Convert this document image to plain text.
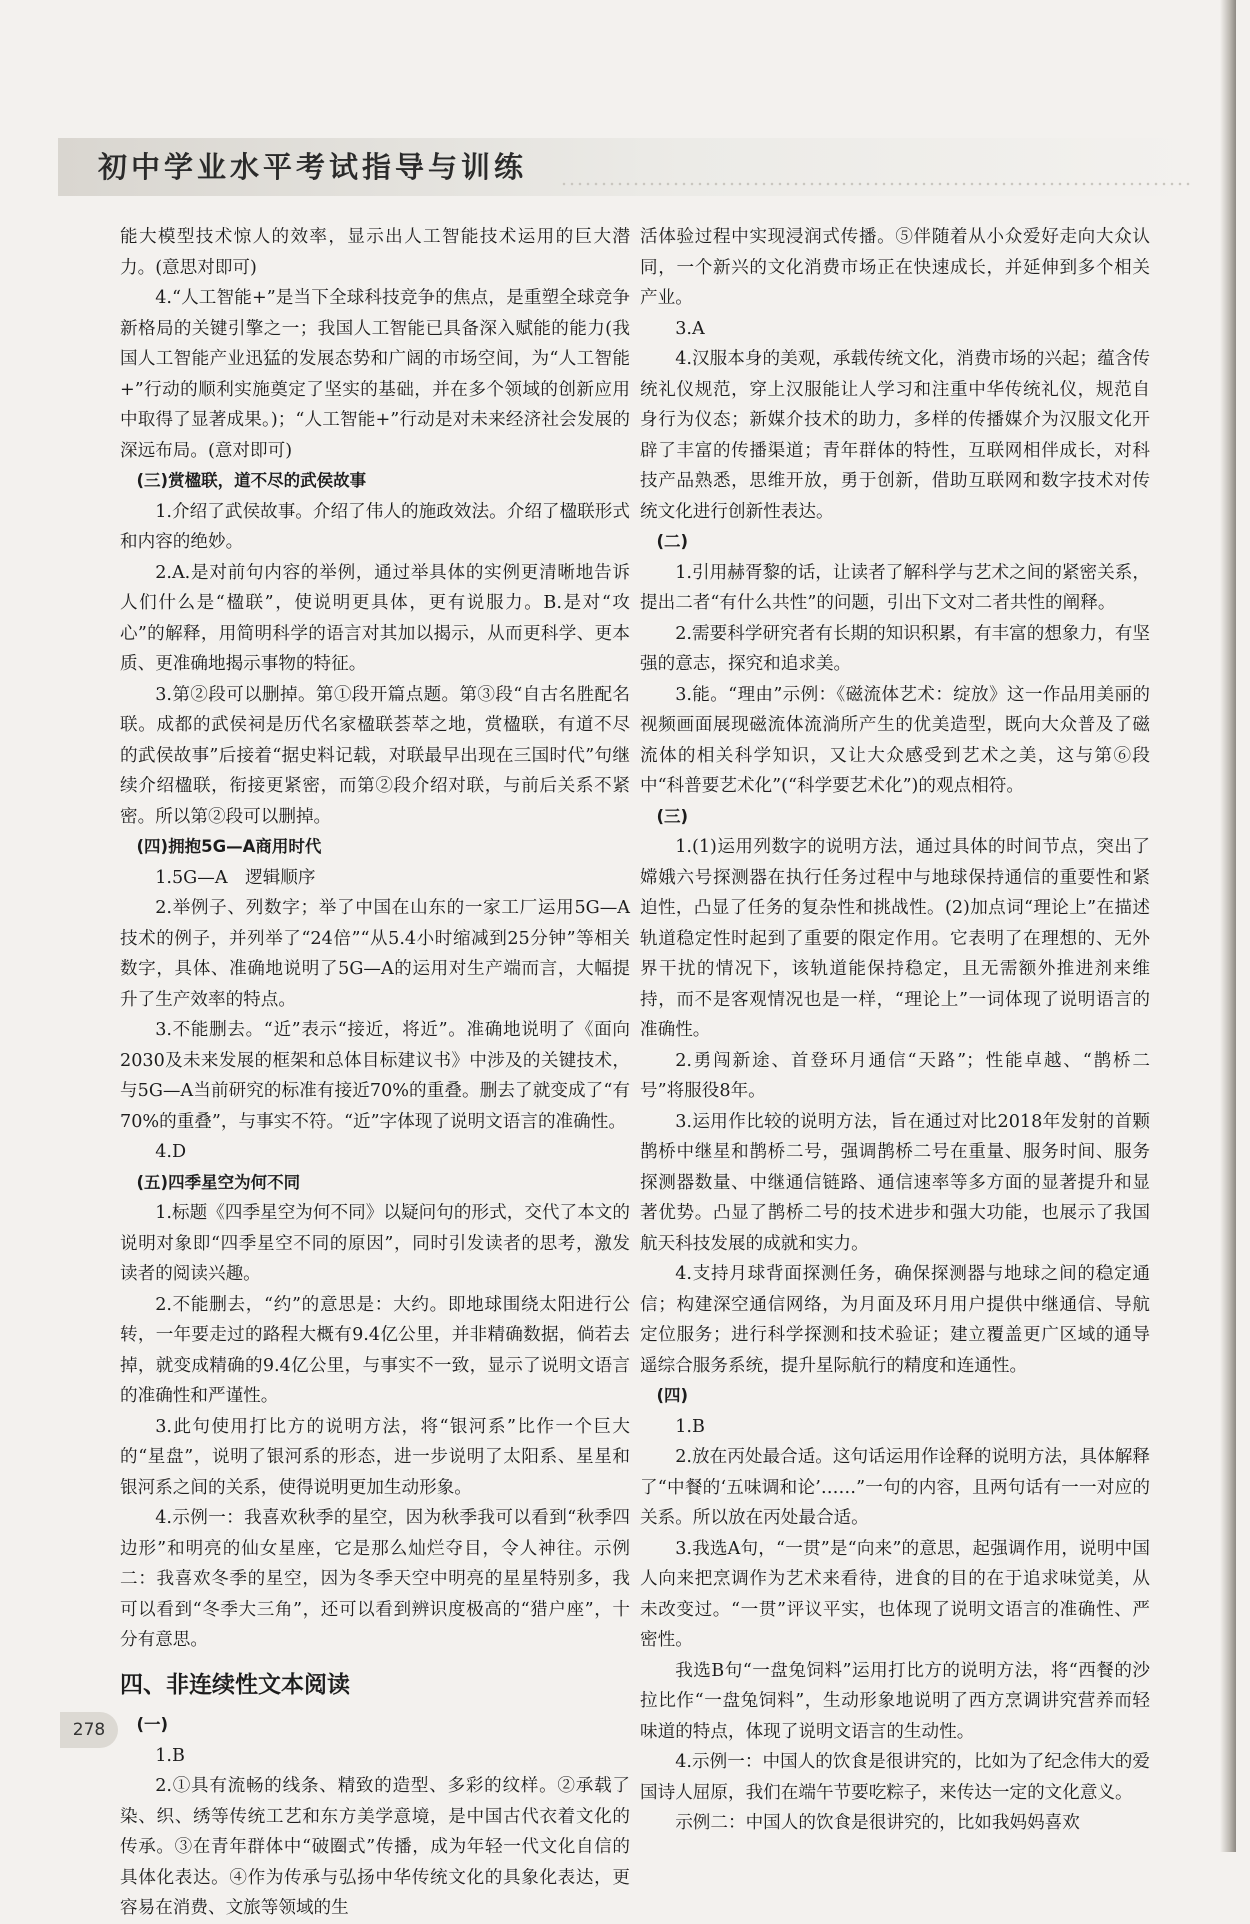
初中学业水平考试指导与训练

能大模型技术惊人的效率，显示出人工智能技术运用的巨大潜力。(意思对即可)

4.“人工智能+”是当下全球科技竞争的焦点，是重塑全球竞争新格局的关键引擎之一；我国人工智能已具备深入赋能的能力(我国人工智能产业迅猛的发展态势和广阔的市场空间，为“人工智能+”行动的顺利实施奠定了坚实的基础，并在多个领域的创新应用中取得了显著成果。)；“人工智能+”行动是对未来经济社会发展的深远布局。(意对即可)

(三)赏楹联，道不尽的武侯故事

1.介绍了武侯故事。介绍了伟人的施政效法。介绍了楹联形式和内容的绝妙。

2.A.是对前句内容的举例，通过举具体的实例更清晰地告诉人们什么是“楹联”，使说明更具体，更有说服力。B.是对“攻心”的解释，用简明科学的语言对其加以揭示，从而更科学、更本质、更准确地揭示事物的特征。

3.第②段可以删掉。第①段开篇点题。第③段“自古名胜配名联。成都的武侯祠是历代名家楹联荟萃之地，赏楹联，有道不尽的武侯故事”后接着“据史料记载，对联最早出现在三国时代”句继续介绍楹联，衔接更紧密，而第②段介绍对联，与前后关系不紧密。所以第②段可以删掉。

(四)拥抱5G—A商用时代

1.5G—A　逻辑顺序

2.举例子、列数字；举了中国在山东的一家工厂运用5G—A技术的例子，并列举了“24倍”“从5.4小时缩减到25分钟”等相关数字，具体、准确地说明了5G—A的运用对生产端而言，大幅提升了生产效率的特点。

3.不能删去。“近”表示“接近，将近”。准确地说明了《面向2030及未来发展的框架和总体目标建议书》中涉及的关键技术，与5G—A当前研究的标准有接近70%的重叠。删去了就变成了“有70%的重叠”，与事实不符。“近”字体现了说明文语言的准确性。

4.D

(五)四季星空为何不同

1.标题《四季星空为何不同》以疑问句的形式，交代了本文的说明对象即“四季星空不同的原因”，同时引发读者的思考，激发读者的阅读兴趣。

2.不能删去，“约”的意思是：大约。即地球围绕太阳进行公转，一年要走过的路程大概有9.4亿公里，并非精确数据，倘若去掉，就变成精确的9.4亿公里，与事实不一致，显示了说明文语言的准确性和严谨性。

3.此句使用打比方的说明方法，将“银河系”比作一个巨大的“星盘”，说明了银河系的形态，进一步说明了太阳系、星星和银河系之间的关系，使得说明更加生动形象。

4.示例一：我喜欢秋季的星空，因为秋季我可以看到“秋季四边形”和明亮的仙女星座，它是那么灿烂夺目，令人神往。示例二：我喜欢冬季的星空，因为冬季天空中明亮的星星特别多，我可以看到“冬季大三角”，还可以看到辨识度极高的“猎户座”，十分有意思。

四、非连续性文本阅读

(一)

1.B

2.①具有流畅的线条、精致的造型、多彩的纹样。②承载了染、织、绣等传统工艺和东方美学意境，是中国古代衣着文化的传承。③在青年群体中“破圈式”传播，成为年轻一代文化自信的具体化表达。④作为传承与弘扬中华传统文化的具象化表达，更容易在消费、文旅等领域的生

活体验过程中实现浸润式传播。⑤伴随着从小众爱好走向大众认同，一个新兴的文化消费市场正在快速成长，并延伸到多个相关产业。

3.A

4.汉服本身的美观，承载传统文化，消费市场的兴起；蕴含传统礼仪规范，穿上汉服能让人学习和注重中华传统礼仪，规范自身行为仪态；新媒介技术的助力，多样的传播媒介为汉服文化开辟了丰富的传播渠道；青年群体的特性，互联网相伴成长，对科技产品熟悉，思维开放，勇于创新，借助互联网和数字技术对传统文化进行创新性表达。

(二)

1.引用赫胥黎的话，让读者了解科学与艺术之间的紧密关系，提出二者“有什么共性”的问题，引出下文对二者共性的阐释。

2.需要科学研究者有长期的知识积累，有丰富的想象力，有坚强的意志，探究和追求美。

3.能。“理由”示例：《磁流体艺术：绽放》这一作品用美丽的视频画面展现磁流体流淌所产生的优美造型，既向大众普及了磁流体的相关科学知识，又让大众感受到艺术之美，这与第⑥段中“科普要艺术化”(“科学要艺术化”)的观点相符。

(三)

1.(1)运用列数字的说明方法，通过具体的时间节点，突出了嫦娥六号探测器在执行任务过程中与地球保持通信的重要性和紧迫性，凸显了任务的复杂性和挑战性。(2)加点词“理论上”在描述轨道稳定性时起到了重要的限定作用。它表明了在理想的、无外界干扰的情况下，该轨道能保持稳定，且无需额外推进剂来维持，而不是客观情况也是一样，“理论上”一词体现了说明语言的准确性。

2.勇闯新途、首登环月通信“天路”；性能卓越、“鹊桥二号”将服役8年。

3.运用作比较的说明方法，旨在通过对比2018年发射的首颗鹊桥中继星和鹊桥二号，强调鹊桥二号在重量、服务时间、服务探测器数量、中继通信链路、通信速率等多方面的显著提升和显著优势。凸显了鹊桥二号的技术进步和强大功能，也展示了我国航天科技发展的成就和实力。

4.支持月球背面探测任务，确保探测器与地球之间的稳定通信；构建深空通信网络，为月面及环月用户提供中继通信、导航定位服务；进行科学探测和技术验证；建立覆盖更广区域的通导遥综合服务系统，提升星际航行的精度和连通性。

(四)

1.B

2.放在丙处最合适。这句话运用作诠释的说明方法，具体解释了“中餐的‘五味调和论’……”一句的内容，且两句话有一一对应的关系。所以放在丙处最合适。

3.我选A句，“一贯”是“向来”的意思，起强调作用，说明中国人向来把烹调作为艺术来看待，进食的目的在于追求味觉美，从未改变过。“一贯”评议平实，也体现了说明文语言的准确性、严密性。

我选B句“一盘兔饲料”运用打比方的说明方法，将“西餐的沙拉比作“一盘兔饲料”，生动形象地说明了西方烹调讲究营养而轻味道的特点，体现了说明文语言的生动性。

4.示例一：中国人的饮食是很讲究的，比如为了纪念伟大的爱国诗人屈原，我们在端午节要吃粽子，来传达一定的文化意义。

示例二：中国人的饮食是很讲究的，比如我妈妈喜欢

278
